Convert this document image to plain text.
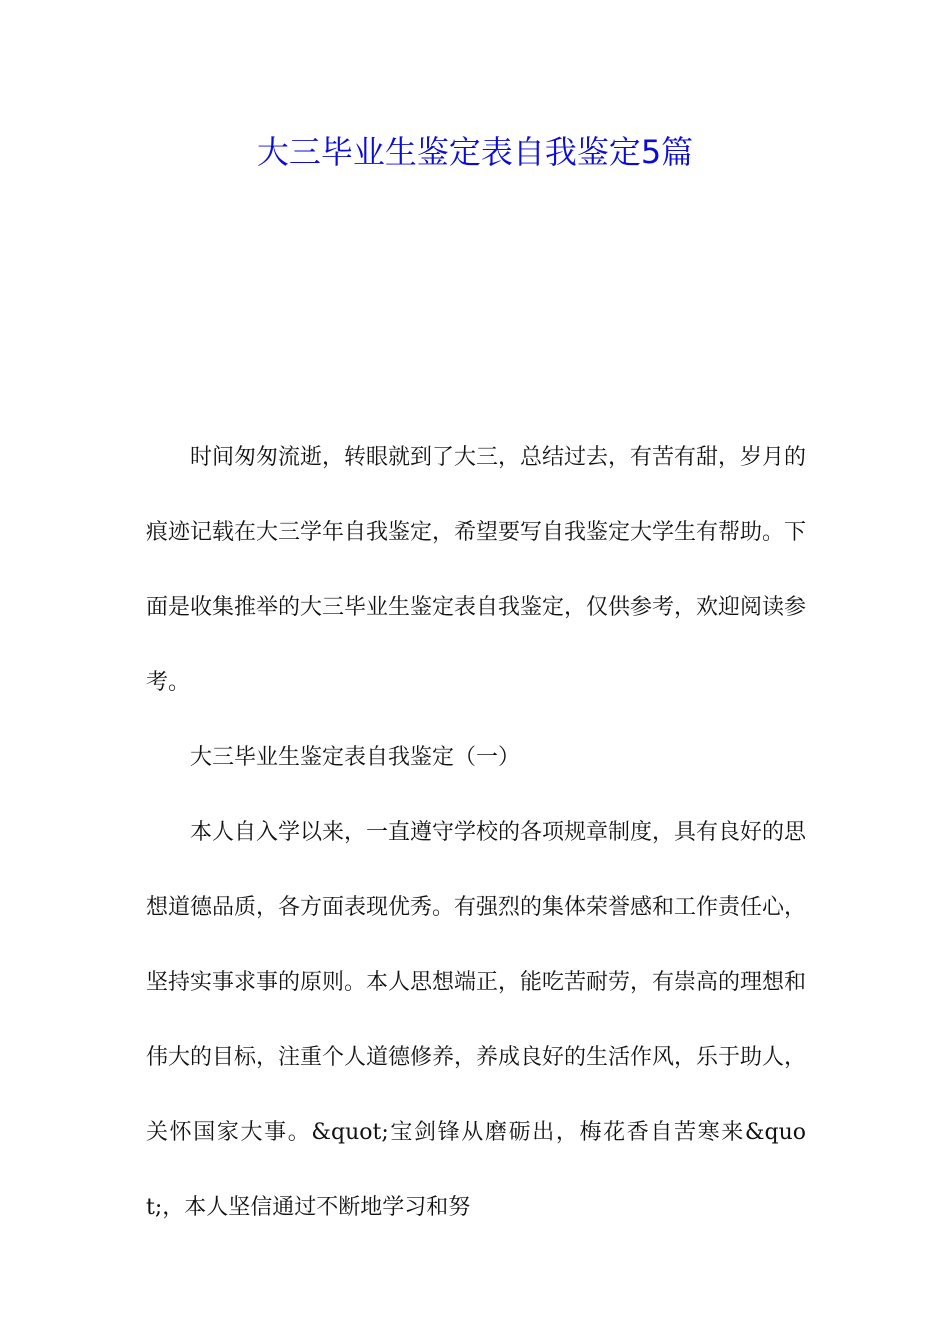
大三毕业生鉴定表自我鉴定5篇

时间匆匆流逝，转眼就到了大三，总结过去，有苦有甜，岁月的痕迹记载在大三学年自我鉴定，希望要写自我鉴定大学生有帮助。下面是收集推举的大三毕业生鉴定表自我鉴定，仅供参考，欢迎阅读参考。

大三毕业生鉴定表自我鉴定（一）

本人自入学以来，一直遵守学校的各项规章制度，具有良好的思想道德品质，各方面表现优秀。有强烈的集体荣誉感和工作责任心，坚持实事求事的原则。本人思想端正，能吃苦耐劳，有崇高的理想和伟大的目标，注重个人道德修养，养成良好的生活作风，乐于助人，关怀国家大事。&quot;宝剑锋从磨砺出，梅花香自苦寒来&quot;，本人坚信通过不断地学习和努
